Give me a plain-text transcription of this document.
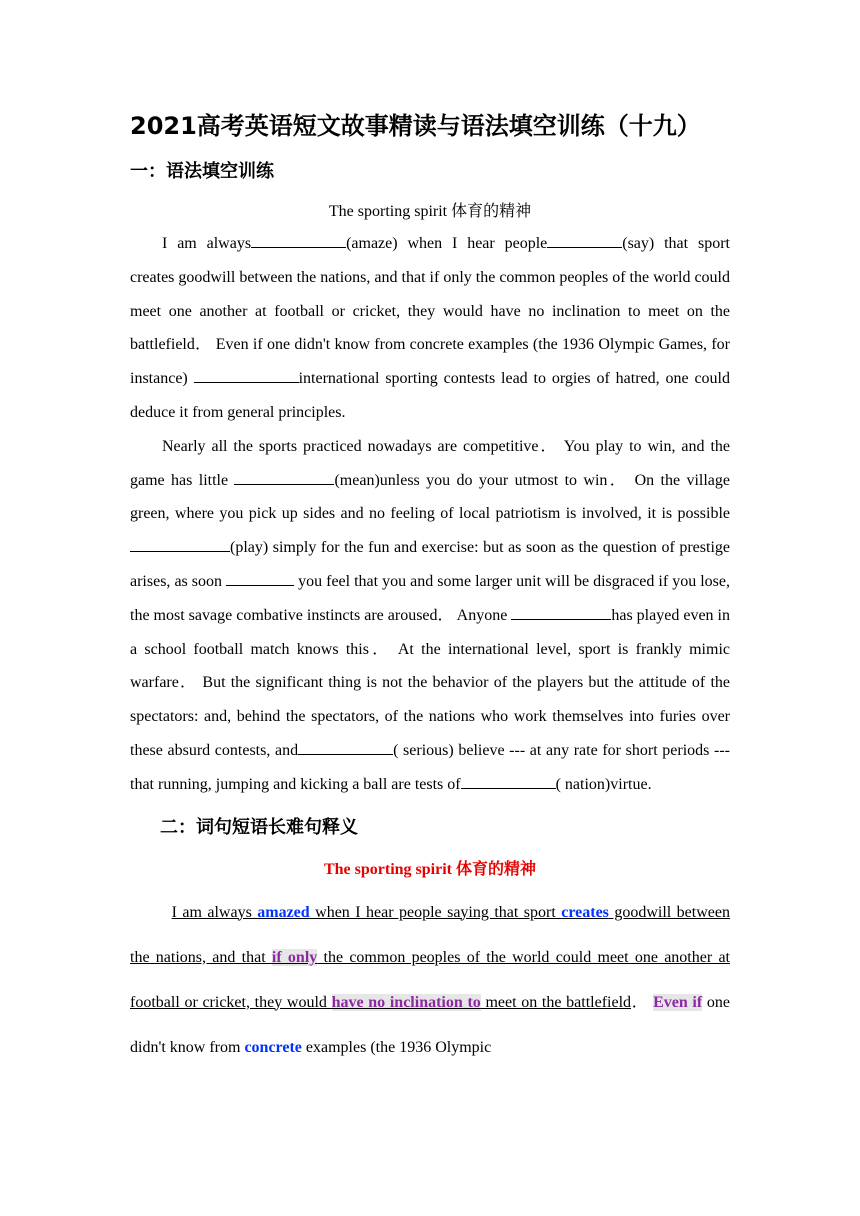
2021高考英语短文故事精读与语法填空训练（十九）
一：语法填空训练
The sporting spirit 体育的精神

I am always	(amaze) when I hear people	(say) that sport creates goodwill between the nations, and that if only the common peoples of the world could meet one another at football or cricket, they would have no inclination to meet on the battlefield． Even if one didn't know from concrete examples (the 1936 Olympic Games, for instance)	international sporting contests lead to orgies of hatred, one could deduce it from general principles.

Nearly all the sports practiced nowadays are competitive． You play to win, and the game has little	(mean)unless you do your utmost to win． On the village green, where you pick up sides and no feeling of local patriotism is involved, it is possible(play) simply for the fun and exercise: but as soon as the question of prestige arises, as soon	you feel that you and some larger unit will be disgraced if you lose, the most savage combative instincts are aroused． Anyone	has played even in a school football match knows this． At the international level, sport is frankly mimic warfare． But the significant thing is not the behavior of the players but the attitude of the spectators: and, behind the spectators, of the nations who work themselves into furies over these absurd contests, and	( serious) believe --- at any rate for short periods --- that running, jumping and kicking a ball are tests of	( nation)virtue.

二：词句短语长难句释义
The sporting spirit 体育的精神

I am always amazed when I hear people saying that sport creates goodwill between the nations, and that if only the common peoples of the world could meet one another at football or cricket, they would have no inclination to meet on the battlefield． Even if one didn't know from concrete examples (the 1936 Olympic
